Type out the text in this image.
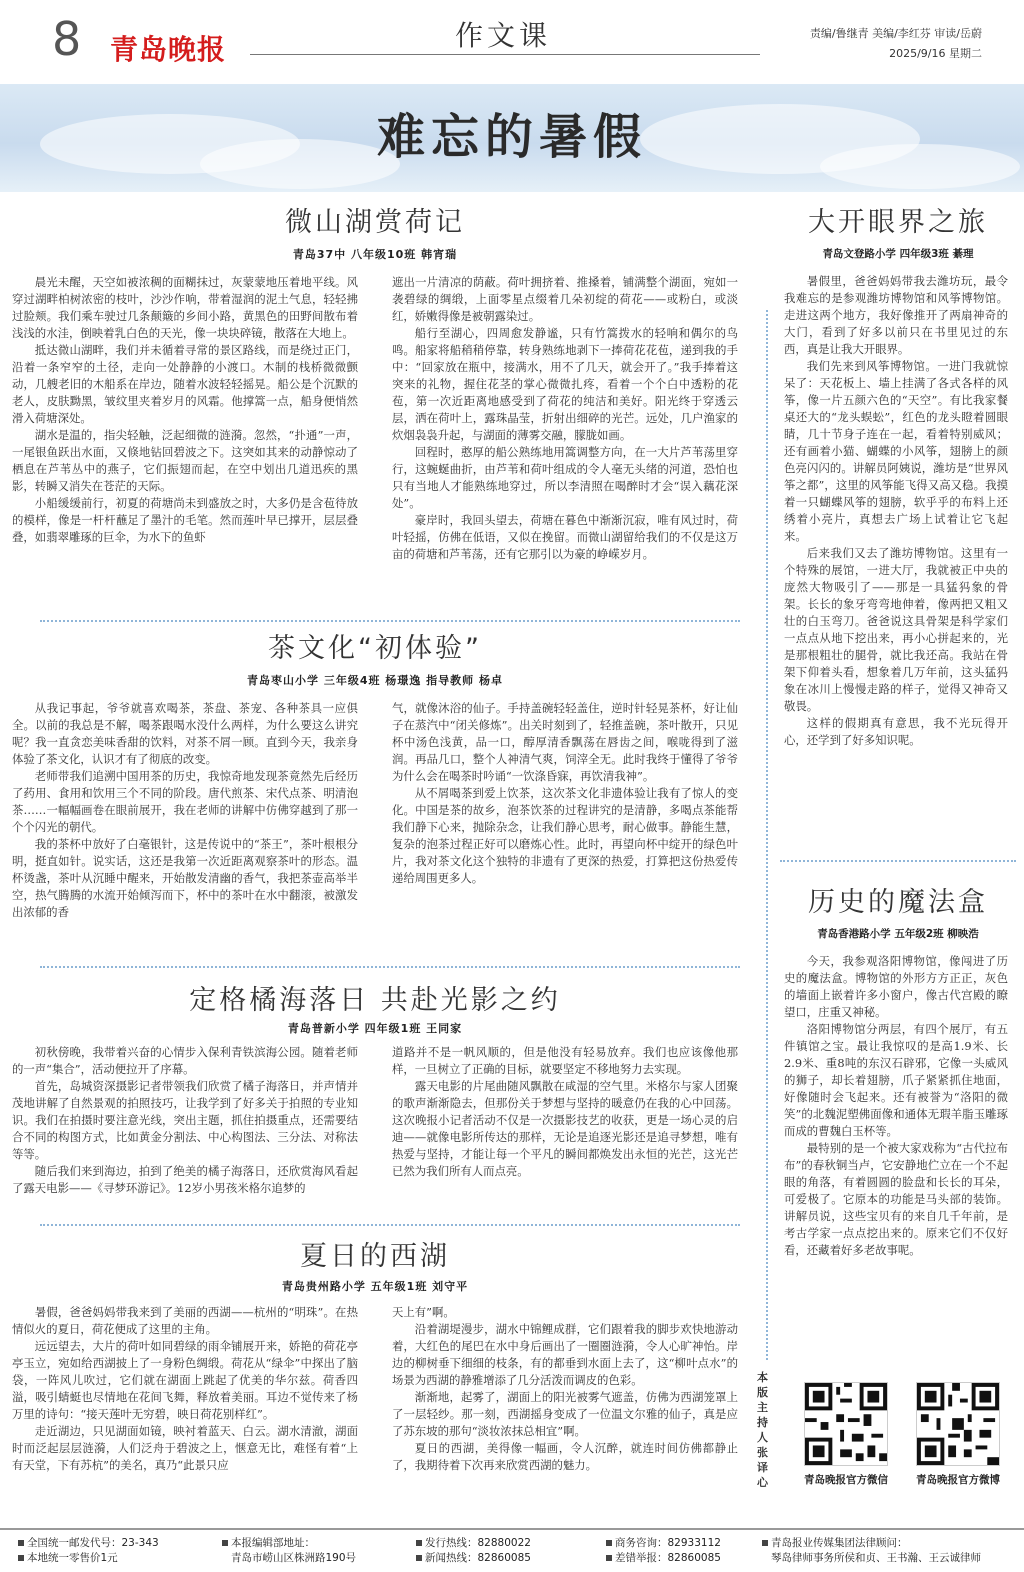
8 青岛晚报	作文课	责编/鲁继青 美编/李红芬 审读/岳蔚
2025/9/16 星期二
难忘的暑假
微山湖赏荷记
青岛37中 八年级10班 韩宵瑞

晨光未醒，天空如被浓稠的面糊抹过，灰蒙蒙地压着地平线。风穿过湖畔柏树浓密的枝叶，沙沙作响，带着湿润的泥土气息，轻轻拂过脸颊。我们乘车驶过几条颠簸的乡间小路，黄黑色的田野间散布着浅浅的水洼，倒映着乳白色的天光，像一块块碎镜，散落在大地上。

抵达微山湖畔，我们并未循着寻常的景区路线，而是绕过正门，沿着一条窄窄的土径，走向一处静静的小渡口。木制的栈桥微微颤动，几艘老旧的木船系在岸边，随着水波轻轻摇晃。船公是个沉默的老人，皮肤黝黑，皱纹里夹着岁月的风霜。他撑篙一点，船身便悄然滑入荷塘深处。

湖水是温的，指尖轻触，泛起细微的涟漪。忽然，“扑通”一声，一尾银鱼跃出水面，又倏地钻回碧波之下。这突如其来的动静惊动了栖息在芦苇丛中的燕子，它们振翅而起，在空中划出几道迅疾的黑影，转瞬又消失在苍茫的天际。

小船缓缓前行，初夏的荷塘尚未到盛放之时，大多仍是含苞待放的模样，像是一杆杆蘸足了墨汁的毛笔。然而莲叶早已撑开，层层叠叠，如翡翠雕琢的巨伞，为水下的鱼虾

遮出一片清凉的荫蔽。荷叶拥挤着、推搡着，铺满整个湖面，宛如一袭碧绿的绸缎，上面零星点缀着几朵初绽的荷花——或粉白，或淡红，娇嫩得像是被朝露染过。

船行至湖心，四周愈发静谧，只有竹篙拨水的轻响和偶尔的鸟鸣。船家将船稍稍停靠，转身熟练地剥下一捧荷花花苞，递到我的手中：“回家放在瓶中，接满水，用不了几天，就会开了。”我手捧着这突来的礼物，握住花茎的掌心微微扎疼，看着一个个白中透粉的花苞，第一次近距离地感受到了荷花的纯洁和美好。阳光终于穿透云层，洒在荷叶上，露珠晶莹，折射出细碎的光芒。远处，几户渔家的炊烟袅袅升起，与湖面的薄雾交融，朦胧如画。

回程时，憨厚的船公熟练地用篙调整方向，在一大片芦苇荡里穿行，这蜿蜒曲折，由芦苇和荷叶组成的令人毫无头绪的河道，恐怕也只有当地人才能熟练地穿过，所以李清照在喝醉时才会“误入藕花深处”。

豪岸时，我回头望去，荷塘在暮色中渐渐沉寂，唯有风过时，荷叶轻摇，仿佛在低语，又似在挽留。而微山湖留给我们的不仅是这万亩的荷塘和芦苇荡，还有它那引以为豪的峥嵘岁月。

茶文化“初体验”
青岛枣山小学 三年级4班 杨璟逸 指导教师 杨卓

从我记事起，爷爷就喜欢喝茶，茶盘、茶宠、各种茶具一应俱全。以前的我总是不解，喝茶跟喝水没什么两样，为什么要这么讲究呢？我一直贪恋美味香甜的饮料，对茶不屑一顾。直到今天，我亲身体验了茶文化，认识才有了彻底的改变。

老师带我们追溯中国用茶的历史，我惊奇地发现茶竟然先后经历了药用、食用和饮用三个不同的阶段。唐代煎茶、宋代点茶、明清泡茶……一幅幅画卷在眼前展开，我在老师的讲解中仿佛穿越到了那一个个闪光的朝代。

我的茶杯中放好了白毫银针，这是传说中的“茶王”，茶叶根根分明，挺直如针。说实话，这还是我第一次近距离观察茶叶的形态。温杯烫盏，茶叶从沉睡中醒来，开始散发清幽的香气，我把茶壶高举半空，热气腾腾的水流开始倾泻而下，杯中的茶叶在水中翻滚，被激发出浓郁的香

气，就像沐浴的仙子。手持盖碗轻轻盖住，逆时针轻晃茶杯，好让仙子在蒸汽中“闭关修炼”。出关时刻到了，轻推盖碗，茶叶散开，只见杯中汤色浅黄，品一口，醇厚清香飘荡在唇齿之间，喉咙得到了滋润。再品几口，整个人神清气爽，饲滓全无。此时我终于懂得了爷爷为什么会在喝茶时吟诵“一饮涤昏寐，再饮清我神”。

从不屑喝茶到爱上饮茶，这次茶文化非遗体验让我有了惊人的变化。中国是茶的故乡，泡茶饮茶的过程讲究的是清静，多喝点茶能帮我们静下心来，抛除杂念，让我们静心思考，耐心做事。静能生慧，复杂的泡茶过程正好可以磨炼心性。此时，再望向杯中绽开的绿色叶片，我对茶文化这个独特的非遗有了更深的热爱，打算把这份热爱传递给周围更多人。

定格橘海落日 共赴光影之约
青岛普新小学 四年级1班 王同家

初秋傍晚，我带着兴奋的心情步入保利青铁滨海公园。随着老师的一声“集合”，活动便拉开了序幕。

首先，岛城资深摄影记者带领我们欣赏了橘子海落日，并声情并茂地讲解了自然景观的拍照技巧，让我学到了好多关于拍照的专业知识。我们在拍摄时要注意光线，突出主题，抓住拍摄重点，还需要结合不同的构图方式，比如黄金分割法、中心构图法、三分法、对称法等等。

随后我们来到海边，拍到了绝美的橘子海落日，还欣赏海风看起了露天电影——《寻梦环游记》。12岁小男孩米格尔追梦的

道路并不是一帆风顺的，但是他没有轻易放弃。我们也应该像他那样，一旦树立了正确的目标，就要坚定不移地努力去实现。

露天电影的片尾曲随风飘散在咸湿的空气里。米格尔与家人团聚的歌声渐渐隐去，但那份关于梦想与坚持的暖意仍在我的心中回荡。这次晚报小记者活动不仅是一次摄影技艺的收获，更是一场心灵的启迪——就像电影所传达的那样，无论是追逐光影还是追寻梦想，唯有热爱与坚持，才能让每一个平凡的瞬间都焕发出永恒的光芒，这光芒已然为我们所有人而点亮。

夏日的西湖
青岛贵州路小学 五年级1班 刘守平

暑假，爸爸妈妈带我来到了美丽的西湖——杭州的“明珠”。在热情似火的夏日，荷花便成了这里的主角。

远远望去，大片的荷叶如同碧绿的雨伞铺展开来，娇艳的荷花亭亭玉立，宛如给西湖披上了一身粉色绸缎。荷花从“绿伞”中探出了脑袋，一阵风儿吹过，它们就在湖面上跳起了优美的华尔兹。荷香四溢，吸引蜻蜓也尽情地在花间飞舞，释放着美丽。耳边不觉传来了杨万里的诗句：“接天莲叶无穷碧，映日荷花别样红”。

走近湖边，只见湖面如镜，映衬着蓝天、白云。湖水清澈，湖面时而泛起层层涟漪，人们泛舟于碧波之上，惬意无比，难怪有着“上有天堂，下有苏杭”的美名，真乃“此景只应

天上有”啊。

沿着湖堤漫步，湖水中锦鲤成群，它们跟着我的脚步欢快地游动着，大红色的尾巴在水中身后画出了一圈圈涟漪，令人心旷神怡。岸边的柳树垂下细细的枝条，有的都垂到水面上去了，这“柳叶点水”的场景为西湖的静雅增添了几分活泼而调皮的色彩。

渐渐地，起雾了，湖面上的阳光被雾气遮盖，仿佛为西湖笼罩上了一层轻纱。那一刻，西湖摇身变成了一位温文尔雅的仙子，真是应了苏东坡的那句“淡妆浓抹总相宜”啊。

夏日的西湖，美得像一幅画，令人沉醉，就连时间仿佛都静止了，我期待着下次再来欣赏西湖的魅力。

大开眼界之旅
青岛文登路小学 四年级3班 綦理

暑假里，爸爸妈妈带我去潍坊玩，最令我难忘的是参观潍坊博物馆和风筝博物馆。走进这两个地方，我好像推开了两扇神奇的大门，看到了好多以前只在书里见过的东西，真是让我大开眼界。

我们先来到风筝博物馆。一进门我就惊呆了：天花板上、墙上挂满了各式各样的风筝，像一片五颜六色的“天空”。有比我家餐桌还大的“龙头蜈蚣”，红色的龙头瞪着圆眼睛，几十节身子连在一起，看着特别威风；还有画着小猫、蝴蝶的小风筝，翅膀上的颜色亮闪闪的。讲解员阿姨说，潍坊是“世界风筝之都”，这里的风筝能飞得又高又稳。我摸着一只蝴蝶风筝的翅膀，软乎乎的布料上还绣着小亮片，真想去广场上试着让它飞起来。

后来我们又去了潍坊博物馆。这里有一个特殊的展馆，一进大厅，我就被正中央的庞然大物吸引了——那是一具猛犸象的骨架。长长的象牙弯弯地伸着，像两把又粗又壮的白玉弯刀。爸爸说这具骨架是科学家们一点点从地下挖出来，再小心拼起来的，光是那根粗壮的腿骨，就比我还高。我站在骨架下仰着头看，想象着几万年前，这头猛犸象在冰川上慢慢走路的样子，觉得又神奇又敬畏。

这样的假期真有意思，我不光玩得开心，还学到了好多知识呢。

历史的魔法盒
青岛香港路小学 五年级2班 柳映浩

今天，我参观洛阳博物馆，像闯进了历史的魔法盒。博物馆的外形方方正正，灰色的墙面上嵌着许多小窗户，像古代宫殿的瞭望口，庄重又神秘。

洛阳博物馆分两层，有四个展厅，有五件镇馆之宝。最让我惊叹的是高1.9米、长2.9米、重8吨的东汉石辟邪，它像一头威风的狮子，却长着翅膀，爪子紧紧抓住地面，好像随时会飞起来。还有被誉为“洛阳的微笑”的北魏泥塑佛面像和通体无瑕羊脂玉雕琢而成的曹魏白玉杯等。

最特别的是一个被大家戏称为“古代拉布布”的春秋铜当卢，它安静地伫立在一个不起眼的角落，有着圆圆的脸盘和长长的耳朵，可爱极了。它原本的功能是马头部的装饰。讲解员说，这些宝贝有的来自几千年前，是考古学家一点点挖出来的。原来它们不仅好看，还藏着好多老故事呢。

本版主持人 张译心	青岛晚报官方微信	青岛晚报官方微博
全国统一邮发代号：23-343
本地统一零售价1元
本报编辑部地址：
青岛市崂山区株洲路190号
发行热线：82880022
新闻热线：82860085
商务咨询：82933112
差错举报：82860085
青岛报业传媒集团法律顾问：
琴岛律师事务所侯和贞、王书瀚、王云诚律师
